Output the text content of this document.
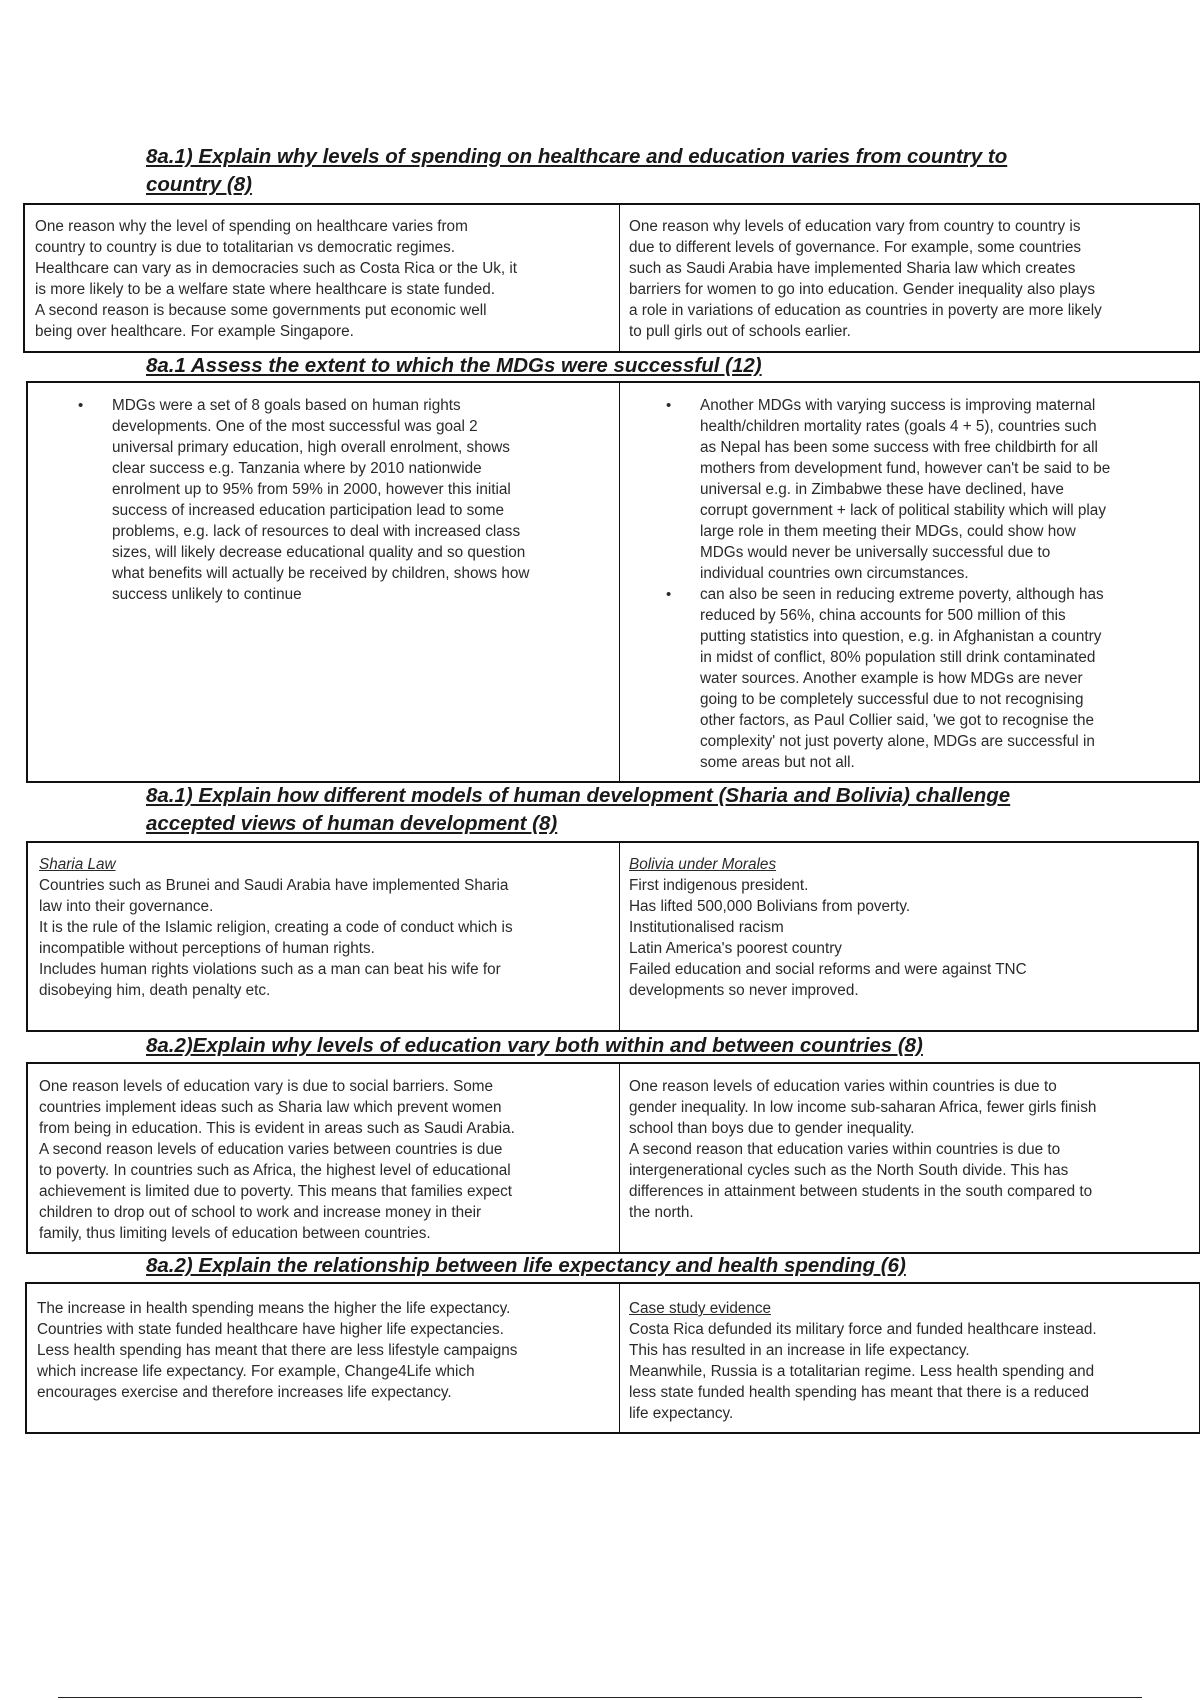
8a.1) Explain why levels of spending on healthcare and education varies from country to
country (8)

One reason why the level of spending on healthcare varies from

country to country is due to totalitarian vs democratic regimes.

Healthcare can vary as in democracies such as Costa Rica or the Uk, it

is more likely to be a welfare state where healthcare is state funded.

A second reason is because some governments put economic well

being over healthcare. For example Singapore.

One reason why levels of education vary from country to country is

due to different levels of governance. For example, some countries

such as Saudi Arabia have implemented Sharia law which creates

barriers for women to go into education. Gender inequality also plays

a role in variations of education as countries in poverty are more likely

to pull girls out of schools earlier.

8a.1 Assess the extent to which the MDGs were successful (12)
• MDGs were a set of 8 goals based on human rights

developments. One of the most successful was goal 2

universal primary education, high overall enrolment, shows

clear success e.g. Tanzania where by 2010 nationwide

enrolment up to 95% from 59% in 2000, however this initial

success of increased education participation lead to some

problems, e.g. lack of resources to deal with increased class

sizes, will likely decrease educational quality and so question

what benefits will actually be received by children, shows how

success unlikely to continue

• Another MDGs with varying success is improving maternal

health/children mortality rates (goals 4 + 5), countries such

as Nepal has been some success with free childbirth for all

mothers from development fund, however can't be said to be

universal e.g. in Zimbabwe these have declined, have

corrupt government + lack of political stability which will play

large role in them meeting their MDGs, could show how

MDGs would never be universally successful due to

individual countries own circumstances.

• can also be seen in reducing extreme poverty, although has

reduced by 56%, china accounts for 500 million of this

putting statistics into question, e.g. in Afghanistan a country

in midst of conflict, 80% population still drink contaminated

water sources. Another example is how MDGs are never

going to be completely successful due to not recognising

other factors, as Paul Collier said, 'we got to recognise the

complexity' not just poverty alone, MDGs are successful in

some areas but not all.

8a.1) Explain how different models of human development (Sharia and Bolivia) challenge
accepted views of human development (8)

Sharia Law

Countries such as Brunei and Saudi Arabia have implemented Sharia

law into their governance.

It is the rule of the Islamic religion, creating a code of conduct which is

incompatible without perceptions of human rights.

Includes human rights violations such as a man can beat his wife for

disobeying him, death penalty etc.

Bolivia under Morales

First indigenous president.

Has lifted 500,000 Bolivians from poverty.

Institutionalised racism

Latin America's poorest country

Failed education and social reforms and were against TNC

developments so never improved.

8a.2)Explain why levels of education vary both within and between countries (8)

One reason levels of education vary is due to social barriers. Some

countries implement ideas such as Sharia law which prevent women

from being in education. This is evident in areas such as Saudi Arabia.

A second reason levels of education varies between countries is due

to poverty. In countries such as Africa, the highest level of educational

achievement is limited due to poverty. This means that families expect

children to drop out of school to work and increase money in their

family, thus limiting levels of education between countries.

One reason levels of education varies within countries is due to

gender inequality. In low income sub-saharan Africa, fewer girls finish

school than boys due to gender inequality.

A second reason that education varies within countries is due to

intergenerational cycles such as the North South divide. This has

differences in attainment between students in the south compared to

the north.

8a.2) Explain the relationship between life expectancy and health spending (6)

The increase in health spending means the higher the life expectancy.

Countries with state funded healthcare have higher life expectancies.

Less health spending has meant that there are less lifestyle campaigns

which increase life expectancy. For example, Change4Life which

encourages exercise and therefore increases life expectancy.

Case study evidence

Costa Rica defunded its military force and funded healthcare instead.

This has resulted in an increase in life expectancy.

Meanwhile, Russia is a totalitarian regime. Less health spending and

less state funded health spending has meant that there is a reduced

life expectancy.
